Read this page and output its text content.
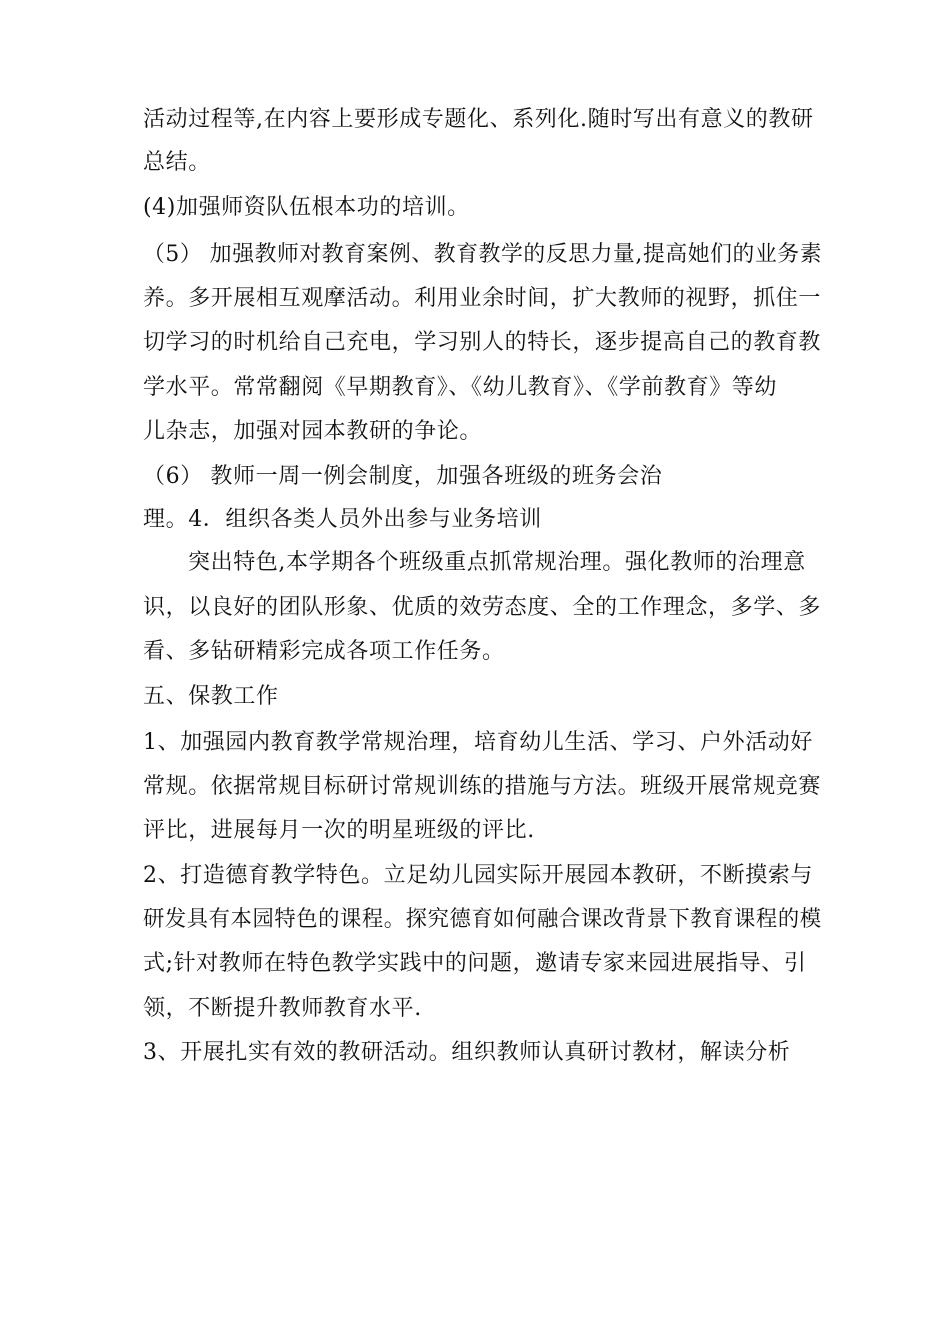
活动过程等,在内容上要形成专题化、系列化.随时写出有意义的教研
总结。
(4)加强师资队伍根本功的培训。
（5） 加强教师对教育案例、教育教学的反思力量,提高她们的业务素
养。多开展相互观摩活动。利用业余时间，扩大教师的视野，抓住一
切学习的时机给自己充电，学习别人的特长，逐步提高自己的教育教
学水平。常常翻阅《早期教育》、《幼儿教育》、《学前教育》等幼
儿杂志，加强对园本教研的争论。
（6） 教师一周一例会制度，加强各班级的班务会治
理。4．组织各类人员外出参与业务培训
突出特色,本学期各个班级重点抓常规治理。强化教师的治理意
识，以良好的团队形象、优质的效劳态度、全的工作理念，多学、多
看、多钻研精彩完成各项工作任务。
五、保教工作
1、加强园内教育教学常规治理，培育幼儿生活、学习、户外活动好
常规。依据常规目标研讨常规训练的措施与方法。班级开展常规竞赛
评比，进展每月一次的明星班级的评比.
2、打造德育教学特色。立足幼儿园实际开展园本教研，不断摸索与
研发具有本园特色的课程。探究德育如何融合课改背景下教育课程的模
式;针对教师在特色教学实践中的问题，邀请专家来园进展指导、引
领，不断提升教师教育水平.
3、开展扎实有效的教研活动。组织教师认真研讨教材，解读分析
